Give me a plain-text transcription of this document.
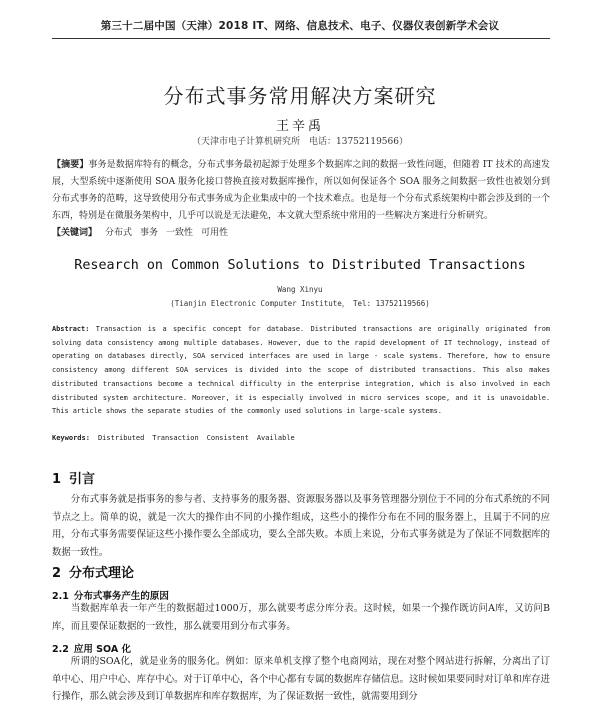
第三十二届中国（天津）2018 IT、网络、信息技术、电子、仪器仪表创新学术会议
分布式事务常用解决方案研究
王辛禹
（天津市电子计算机研究所　电话：13752119566）

【摘要】事务是数据库特有的概念，分布式事务最初起源于处理多个数据库之间的数据一致性问题，但随着 IT 技术的高速发展，大型系统中逐渐使用 SOA 服务化接口替换直接对数据库操作，所以如何保证各个 SOA 服务之间数据一致性也被划分到分布式事务的范畴，这导致使用分布式事务成为企业集成中的一个技术难点。也是每一个分布式系统架构中都会涉及到的一个东西，特别是在微服务架构中，几乎可以说是无法避免，本文就大型系统中常用的一些解决方案进行分析研究。

【关键词】 分布式 事务 一致性 可用性

Research on Common Solutions to Distributed Transactions
Wang Xinyu
(Tianjin Electronic Computer Institute，　Tel: 13752119566)

Abstract: Transaction is a specific concept for database. Distributed transactions are originally originated from solving data consistency among multiple databases. However, due to the rapid development of IT technology, instead of operating on databases directly, SOA serviced interfaces are used in large - scale systems. Therefore, how to ensure consistency among different SOA services is divided into the scope of distributed transactions. This also makes distributed transactions become a technical difficulty in the enterprise integration, which is also involved in each distributed system architecture. Moreover, it is especially involved in micro services scope, and it is unavoidable. This article shows the separate studies of the commonly used solutions in large-scale systems.

Keywords: Distributed Transaction Consistent Available

1 引言

分布式事务就是指事务的参与者、支持事务的服务器、资源服务器以及事务管理器分别位于不同的分布式系统的不同节点之上。简单的说，就是一次大的操作由不同的小操作组成，这些小的操作分布在不同的服务器上，且属于不同的应用，分布式事务需要保证这些小操作要么全部成功，要么全部失败。本质上来说，分布式事务就是为了保证不同数据库的数据一致性。

2 分布式理论
2.1 分布式事务产生的原因

当数据库单表一年产生的数据超过1000万，那么就要考虑分库分表。这时候，如果一个操作既访问A库，又访问B库，而且要保证数据的一致性，那么就要用到分布式事务。

2.2 应用 SOA 化

所谓的SOA化，就是业务的服务化。例如：原来单机支撑了整个电商网站，现在对整个网站进行拆解，分离出了订单中心、用户中心、库存中心。对于订单中心，各个中心都有专属的数据库存储信息。这时候如果要同时对订单和库存进行操作，那么就会涉及到订单数据库和库存数据库，为了保证数据一致性，就需要用到分
